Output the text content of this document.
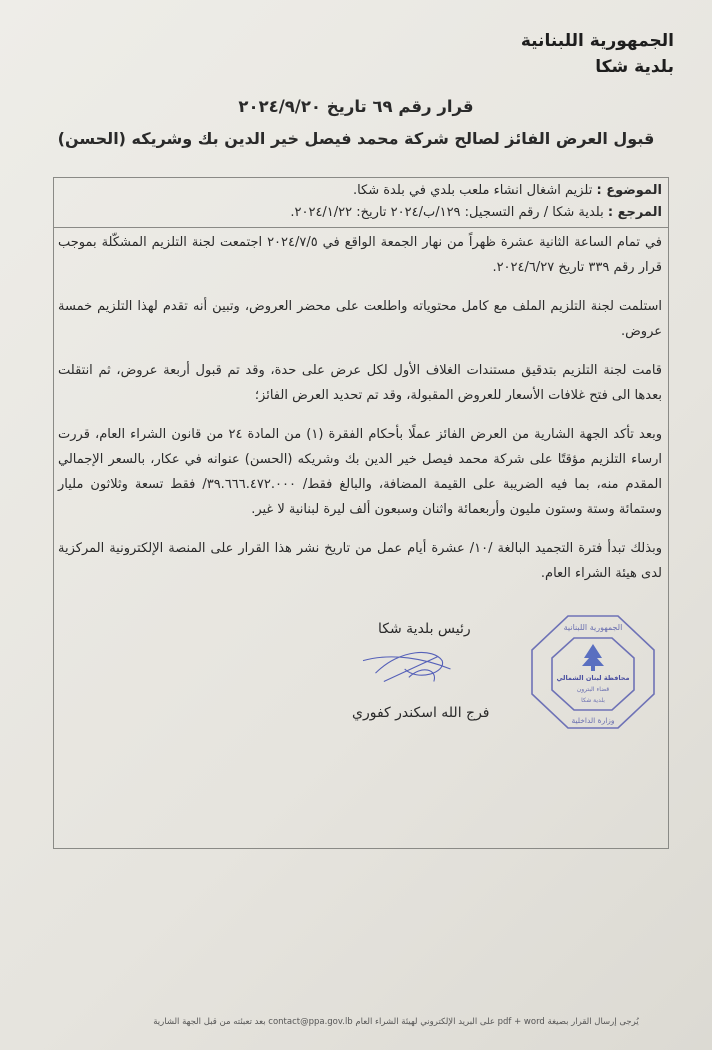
الجمهورية اللبنانية
بلدية شكا
قرار رقم ٦٩ تاريخ ٢٠٢٤/٩/٢٠
قبول العرض الفائز لصالح شركة محمد فيصل خير الدين بك وشريكه (الحسن)
الموضوع : تلزيم اشغال انشاء ملعب بلدي في بلدة شكا.
المرجع : بلدية شكا / رقم التسجيل: ١٢٩/ب/٢٠٢٤ تاريخ: ٢٠٢٤/١/٢٢.

في تمام الساعة الثانية عشرة ظهراً من نهار الجمعة الواقع في ٢٠٢٤/٧/٥ اجتمعت لجنة التلزيم المشكّلة بموجب قرار رقم ٣٣٩ تاريخ ٢٠٢٤/٦/٢٧.

استلمت لجنة التلزيم الملف مع كامل محتوياته واطلعت على محضر العروض، وتبين أنه تقدم لهذا التلزيم خمسة عروض.

قامت لجنة التلزيم بتدقيق مستندات الغلاف الأول لكل عرض على حدة، وقد تم قبول أربعة عروض، ثم انتقلت بعدها الى فتح غلافات الأسعار للعروض المقبولة، وقد تم تحديد العرض الفائز؛

وبعد تأكد الجهة الشارية من العرض الفائز عملًا بأحكام الفقرة (١) من المادة ٢٤ من قانون الشراء العام، قررت ارساء التلزيم مؤقتًا على شركة محمد فيصل خير الدين بك وشريكه (الحسن) عنوانه في عكار، بالسعر الإجمالي المقدم منه، بما فيه الضريبة على القيمة المضافة، والبالغ فقط/ ٣٩.٦٦٦.٤٧٢.٠٠٠/ فقط تسعة وثلاثون مليار وستمائة وستة وستون مليون وأربعمائة واثنان وسبعون ألف ليرة لبنانية لا غير.

وبذلك تبدأ فترة التجميد البالغة /١٠/ عشرة أيام عمل من تاريخ نشر هذا القرار على المنصة الإلكترونية المركزية لدى هيئة الشراء العام.

رئيس بلدية شكا
فرج الله اسكندر كفوري
الجمهورية اللبنانية
محافظة لبنان الشمالي
قضاء البترون
بلدية شكا
وزارة الداخلية
يُرجى إرسال القرار بصيغة pdf + word على البريد الإلكتروني لهيئة الشراء العام contact@ppa.gov.lb بعد تعبئته من قبل الجهة الشارية
